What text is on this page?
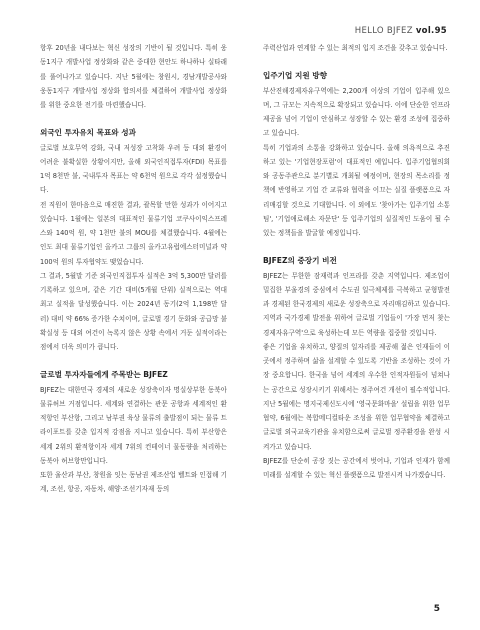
HELLO BJFEZ vol.95

항후 20년을 내다보는 혁신 성장의 기반이 될 것입니다. 특히 웅동1지구 개발사업 정상화와 같은 중대한 현안도 하나하나 실타래를 풀어나가고 있습니다. 지난 5월에는 창원시, 경남개발공사와 웅동1지구 개발사업 정상화 합의서를 체결하여 개발사업 정상화를 위한 중요한 전기를 마련했습니다.

외국인 투자유치 목표와 성과

글로벌 보호무역 강화, 국내 저성장 고착화 우려 등 대외 환경이 어려운 불확실한 상황이지만, 올해 외국인직접투자(FDI) 목표를 1억 8천만 불, 국내투자 목표는 약 6천억 원으로 각각 설정했습니다.

전 직원이 한마음으로 매진한 결과, 괄목할 만한 성과가 이어지고 있습니다. 1월에는 일본의 대표적인 물류기업 코쿠사이익스프레스와 140억 원, 약 1천만 불의 MOU를 체결했습니다. 4월에는 인도 최대 물류기업인 올카고 그룹의 올카고유럽에스터미널과 약 100억 원의 투자협약도 맺었습니다.

그 결과, 5월말 기준 외국인직접투자 실적은 3억 5,300만 달러를 기록하고 있으며, 같은 기간 대비(5개월 단위) 실적으로는 역대 최고 실적을 달성했습니다. 이는 2024년 동기(2억 1,198만 달러) 대비 약 66% 증가한 수치이며, 글로벌 경기 둔화와 공급망 불확실성 등 대외 여건이 녹록지 않은 상황 속에서 거둔 실적이라는 점에서 더욱 의미가 큽니다.

글로벌 투자자들에게 주목받는 BJFEZ

BJFEZ는 대한민국 경제의 새로운 성장축이자 명실상부한 동북아 물류허브 거점입니다. 세계와 연결하는 관문 공항과 세계적인 환적항인 부산항, 그리고 남부권 육상 물류의 출발점이 되는 물류 트라이포트를 갖춘 입지적 강점을 지니고 있습니다. 특히 부산항은 세계 2위의 환적항이자 세계 7위의 컨테이너 물동량을 처리하는 동북아 허브항만입니다.

또한 울산과 부산, 창원을 잇는 동남권 제조산업 벨트와 인접해 기계, 조선, 항공, 자동차, 해양·조선기자재 등의

주력산업과 연계할 수 있는 최적의 입지 조건을 갖추고 있습니다.

입주기업 지원 방향

부산진해경제자유구역에는 2,200개 이상의 기업이 입주해 있으며, 그 규모는 지속적으로 확장되고 있습니다. 이에 단순한 인프라 제공을 넘어 기업이 안심하고 성장할 수 있는 환경 조성에 집중하고 있습니다.

특히 기업과의 소통을 강화하고 있습니다. 올해 의욕적으로 추진하고 있는 '기업현장포럼'이 대표적인 예입니다. 입주기업협의회와 공동주관으로 분기별로 개최될 예정이며, 현장의 목소리를 정책에 반영하고 기업 간 교류와 협력을 이끄는 실질 플랫폼으로 자리매김할 것으로 기대합니다. 이 외에도 '찾아가는 입주기업 소통팀', '기업애로해소 자문단' 등 입주기업의 실질적인 도움이 될 수 있는 정책들을 발굴할 예정입니다.

BJFEZ의 중장기 비전

BJFEZ는 무한한 잠재력과 인프라를 갖춘 지역입니다. 제조업이 밀집한 부울경의 중심에서 수도권 일극체제를 극복하고 균형발전과 경제된 한국경제의 새로운 성장축으로 자리매김하고 있습니다. 지역과 국가경제 발전을 위하여 글로벌 기업들이 '가장 먼저 찾는 경제자유구역'으로 육성하는데 모든 역량을 집중할 것입니다.

좋은 기업을 유치하고, 양질의 일자리를 제공해 젊은 인재들이 이곳에서 정주하며 삶을 설계할 수 있도록 기반을 조성하는 것이 가장 중요합니다. 한국을 넘어 세계의 우수한 인적자원들이 넘쳐나는 공간으로 성장시키기 위해서는 정주여건 개선이 필수적입니다. 지난 5월에는 명지국제신도시에 '영국문화마을' 설립을 위한 업무협약, 6월에는 복합메디컬타운 조성을 위한 업무협약을 체결하고 글로벌 외국교육기관을 유치함으로써 글로벌 정주환경을 완성 시켜가고 있습니다.

BJFEZ를 단순히 공장 짓는 공간에서 벗어나, 기업과 인재가 함께 미래를 설계할 수 있는 혁신 플랫폼으로 발전시켜 나가겠습니다.

5
